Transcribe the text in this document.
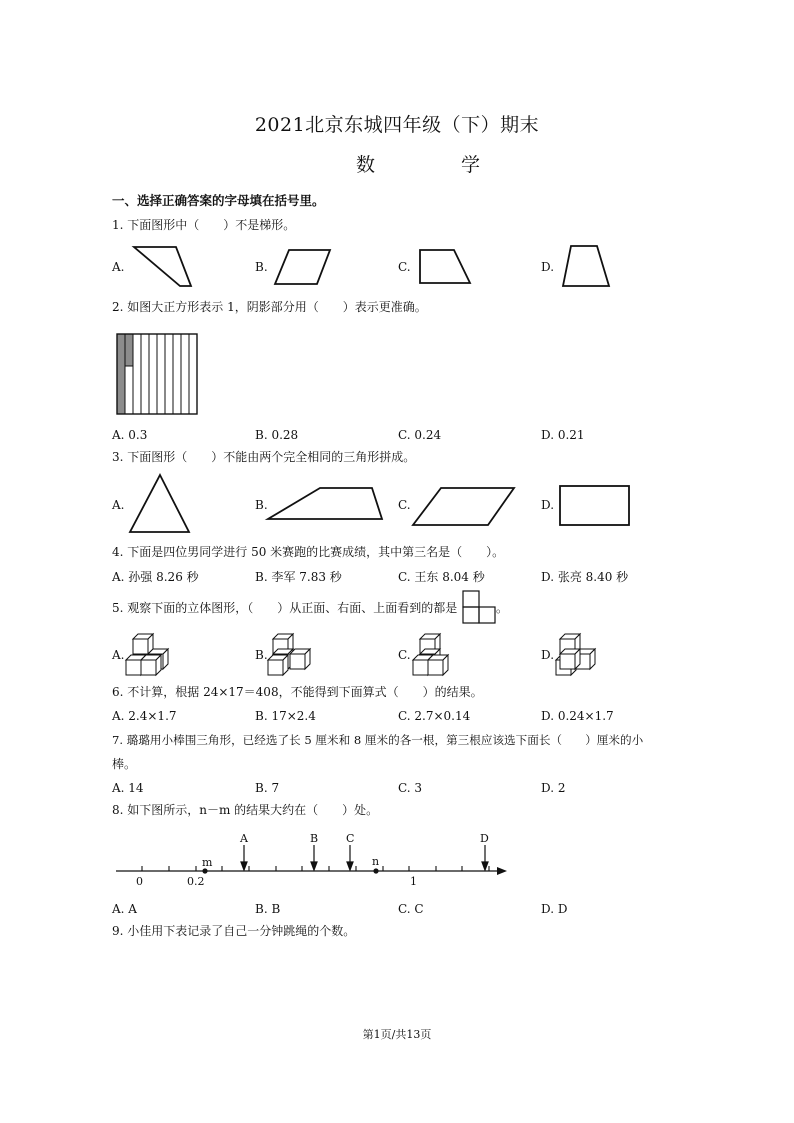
2021北京东城四年级（下）期末
数 学
一、选择正确答案的字母填在括号里。
1. 下面图形中（　　）不是梯形。
A.	B.	C.	D.
2. 如图大正方形表示 1，阴影部分用（　　）表示更准确。
A. 0.3	B. 0.28	C. 0.24	D. 0.21
3. 下面图形（　　）不能由两个完全相同的三角形拼成。
A.	B.	C.	D.
4. 下面是四位男同学进行 50 米赛跑的比赛成绩，其中第三名是（　　）。
A. 孙强 8.26 秒	B. 李军 7.83 秒	C. 王东 8.04 秒	D. 张亮 8.40 秒
5. 观察下面的立体图形，（　　）从正面、右面、上面看到的都是	。
A.	B.	C.	D.
6. 不计算，根据 24×17＝408，不能得到下面算式（　　）的结果。
A. 2.4×1.7	B. 17×2.4	C. 2.7×0.14	D. 0.24×1.7
7. 璐璐用小棒围三角形，已经选了长 5 厘米和 8 厘米的各一根，第三根应该选下面长（　　）厘米的小
棒。
A. 14	B. 7	C. 3	D. 2
8. 如下图所示，n－m 的结果大约在（　　）处。
A	B	C	D
m	n
0	0.2	1
A. A	B. B	C. C	D. D
9. 小佳用下表记录了自己一分钟跳绳的个数。
第1页/共13页
